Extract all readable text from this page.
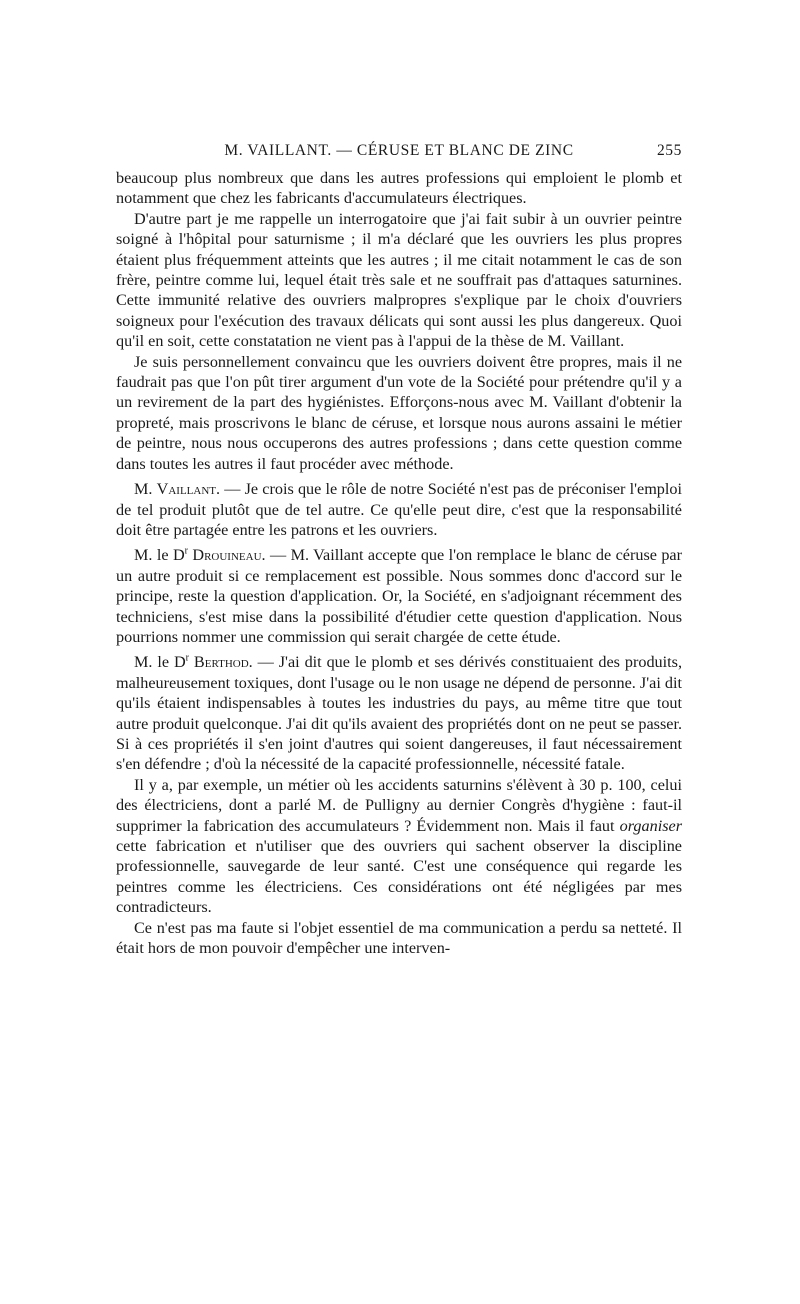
M. VAILLANT. — CÉRUSE ET BLANC DE ZINC	255

beaucoup plus nombreux que dans les autres professions qui emploient le plomb et notamment que chez les fabricants d'accumulateurs électriques.

D'autre part je me rappelle un interrogatoire que j'ai fait subir à un ouvrier peintre soigné à l'hôpital pour saturnisme ; il m'a déclaré que les ouvriers les plus propres étaient plus fréquemment atteints que les autres ; il me citait notamment le cas de son frère, peintre comme lui, lequel était très sale et ne souffrait pas d'attaques saturnines. Cette immunité relative des ouvriers malpropres s'explique par le choix d'ouvriers soigneux pour l'exécution des travaux délicats qui sont aussi les plus dangereux. Quoi qu'il en soit, cette constatation ne vient pas à l'appui de la thèse de M. Vaillant.

Je suis personnellement convaincu que les ouvriers doivent être propres, mais il ne faudrait pas que l'on pût tirer argument d'un vote de la Société pour prétendre qu'il y a un revirement de la part des hygiénistes. Efforçons-nous avec M. Vaillant d'obtenir la propreté, mais proscrivons le blanc de céruse, et lorsque nous aurons assaini le métier de peintre, nous nous occuperons des autres professions ; dans cette question comme dans toutes les autres il faut procéder avec méthode.

M. Vaillant. — Je crois que le rôle de notre Société n'est pas de préconiser l'emploi de tel produit plutôt que de tel autre. Ce qu'elle peut dire, c'est que la responsabilité doit être partagée entre les patrons et les ouvriers.

M. le $D^r$ Drouineau. — M. Vaillant accepte que l'on remplace le blanc de céruse par un autre produit si ce remplacement est possible. Nous sommes donc d'accord sur le principe, reste la question d'application. Or, la Société, en s'adjoignant récemment des techniciens, s'est mise dans la possibilité d'étudier cette question d'application. Nous pourrions nommer une commission qui serait chargée de cette étude.

M. le $D^r$ Berthod. — J'ai dit que le plomb et ses dérivés constituaient des produits, malheureusement toxiques, dont l'usage ou le non usage ne dépend de personne. J'ai dit qu'ils étaient indispensables à toutes les industries du pays, au même titre que tout autre produit quelconque. J'ai dit qu'ils avaient des propriétés dont on ne peut se passer. Si à ces propriétés il s'en joint d'autres qui soient dangereuses, il faut nécessairement s'en défendre ; d'où la nécessité de la capacité professionnelle, nécessité fatale.

Il y a, par exemple, un métier où les accidents saturnins s'élèvent à 30 p. 100, celui des électriciens, dont a parlé M. de Pulligny au dernier Congrès d'hygiène : faut-il supprimer la fabrication des accumulateurs ? Évidemment non. Mais il faut organiser cette fabrication et n'utiliser que des ouvriers qui sachent observer la discipline professionnelle, sauvegarde de leur santé. C'est une conséquence qui regarde les peintres comme les électriciens. Ces considérations ont été négligées par mes contradicteurs.

Ce n'est pas ma faute si l'objet essentiel de ma communication a perdu sa netteté. Il était hors de mon pouvoir d'empêcher une interven-
